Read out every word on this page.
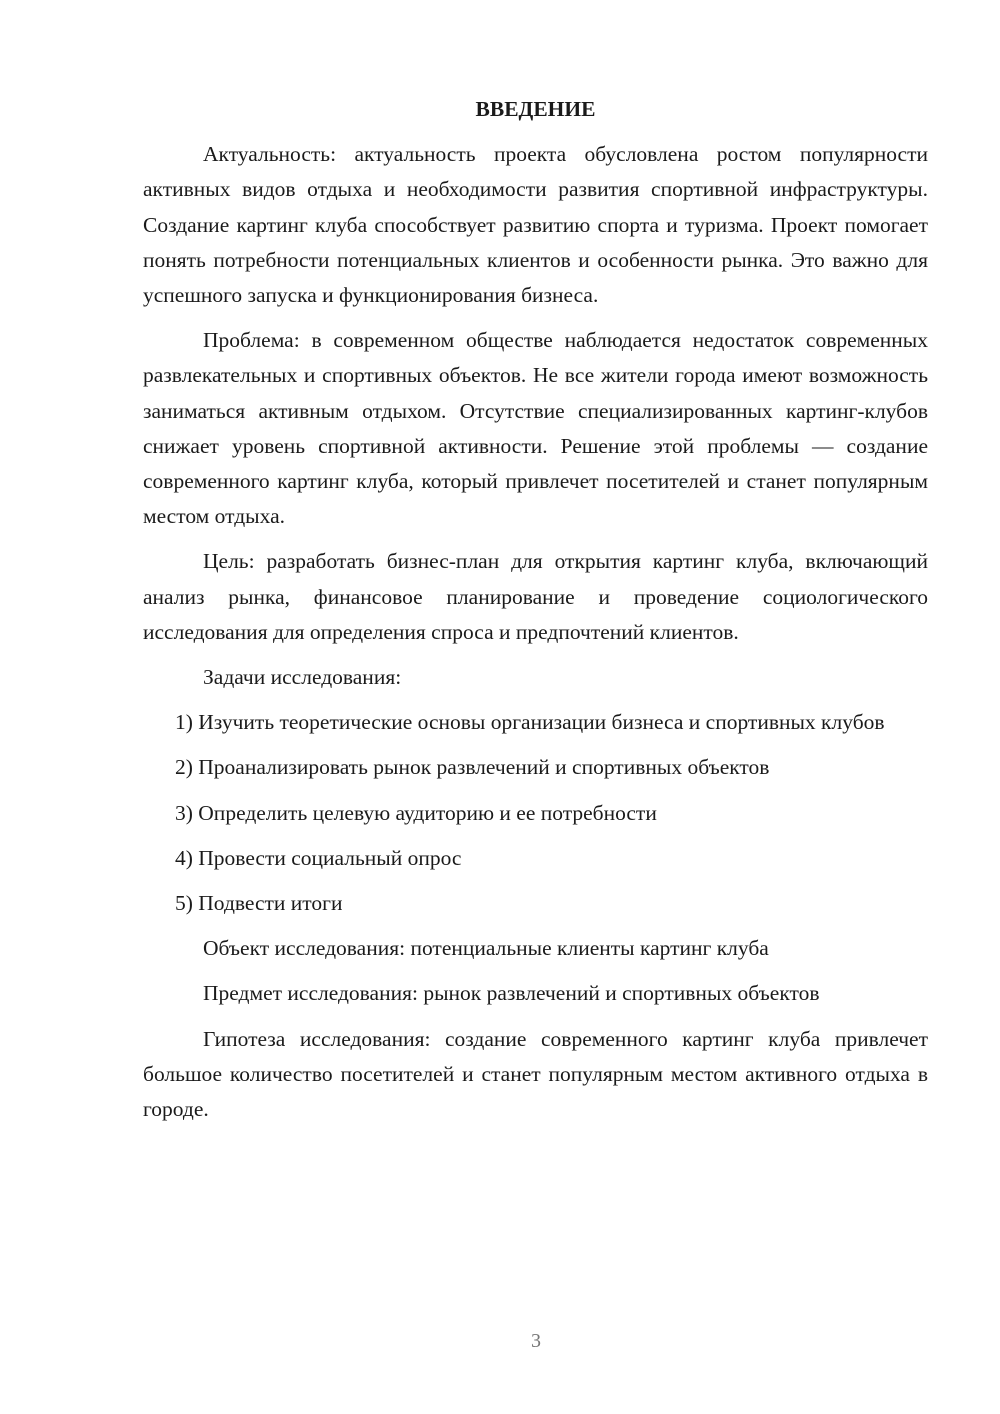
ВВЕДЕНИЕ

Актуальность: актуальность проекта обусловлена ростом популярности активных видов отдыха и необходимости развития спортивной инфраструктуры. Создание картинг клуба способствует развитию спорта и туризма. Проект помогает понять потребности потенциальных клиентов и особенности рынка. Это важно для успешного запуска и функционирования бизнеса.

Проблема: в современном обществе наблюдается недостаток современных развлекательных и спортивных объектов. Не все жители города имеют возможность заниматься активным отдыхом. Отсутствие специализированных картинг-клубов снижает уровень спортивной активности. Решение этой проблемы — создание современного картинг клуба, который привлечет посетителей и станет популярным местом отдыха.

Цель: разработать бизнес-план для открытия картинг клуба, включающий анализ рынка, финансовое планирование и проведение социологического исследования для определения спроса и предпочтений клиентов.

Задачи исследования:

1) Изучить теоретические основы организации бизнеса и спортивных клубов

2) Проанализировать рынок развлечений и спортивных объектов

3) Определить целевую аудиторию и ее потребности

4) Провести социальный опрос

5) Подвести итоги

Объект исследования: потенциальные клиенты картинг клуба

Предмет исследования: рынок развлечений и спортивных объектов

Гипотеза исследования: создание современного картинг клуба привлечет большое количество посетителей и станет популярным местом активного отдыха в городе.

3
